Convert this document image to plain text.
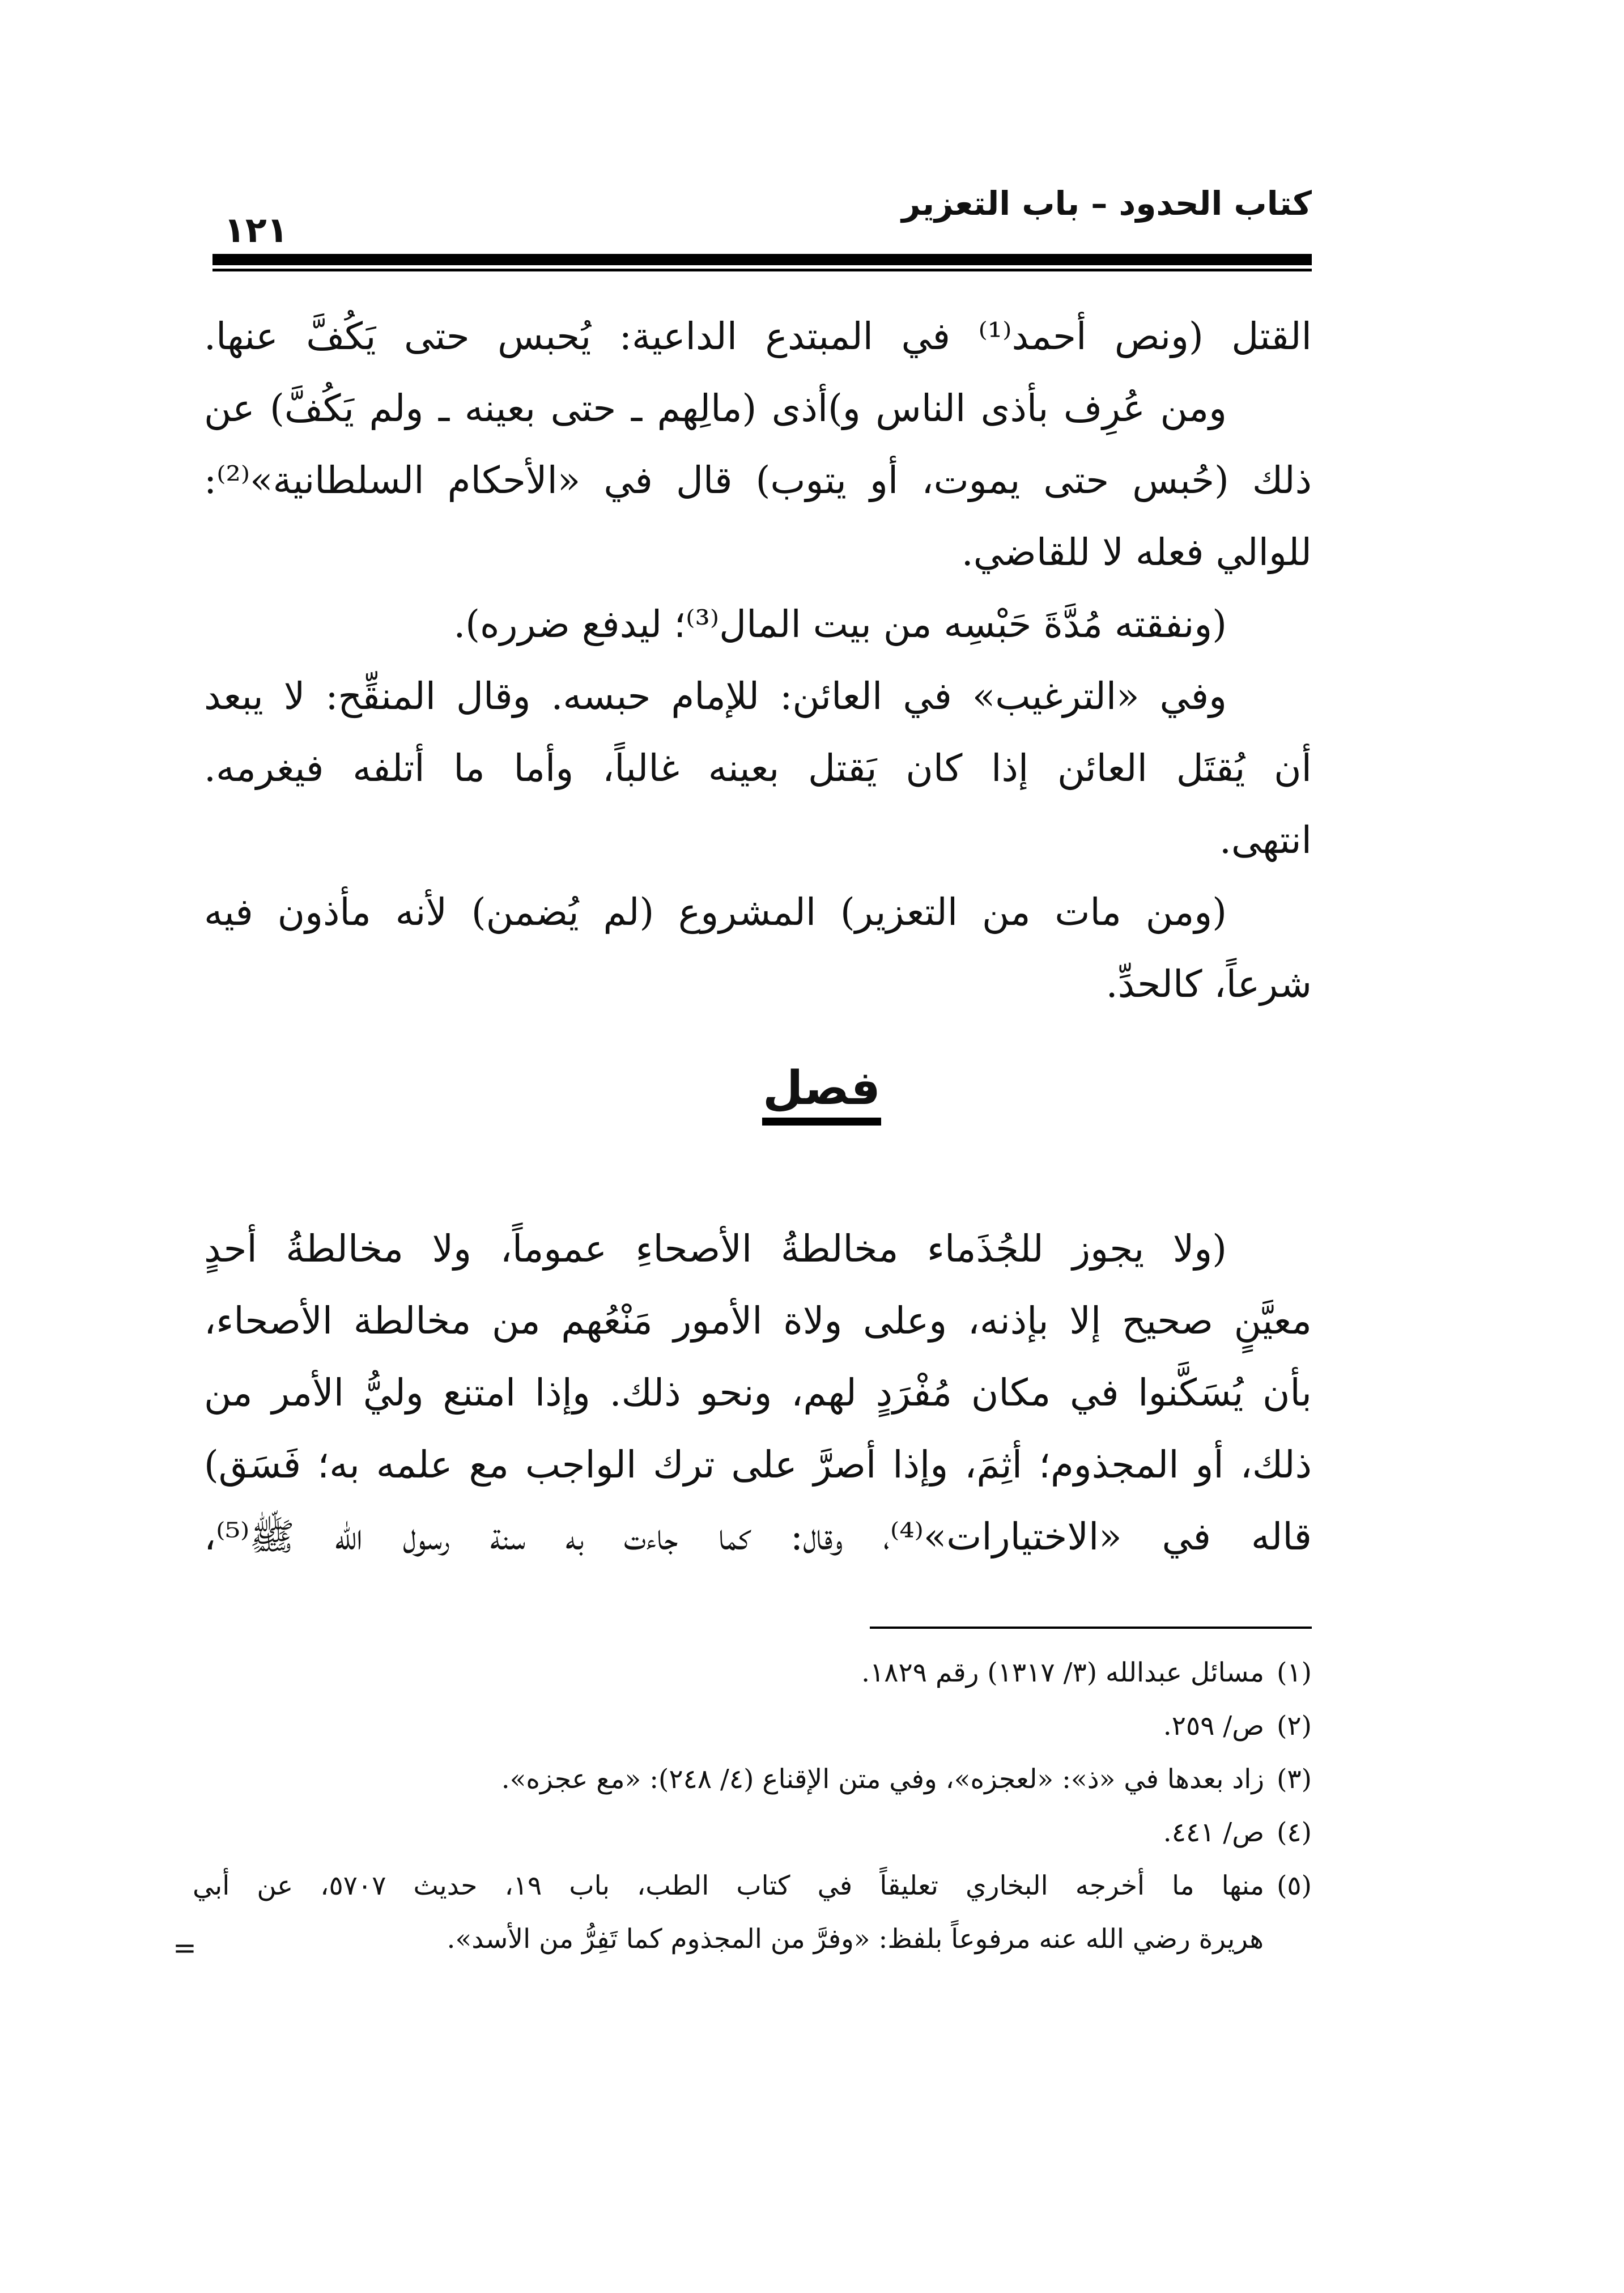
١٢١
كتاب الحدود – باب التعزير
القتل (ونص أحمد⁽¹⁾ في المبتدع الداعية: يُحبس حتى يَكُفَّ عنها.
ومن عُرِف بأذى الناس و)أذى (مالِهم ـ حتى بعينه ـ ولم يَكُفَّ) عن
ذلك (حُبس حتى يموت، أو يتوب) قال في «الأحكام السلطانية»⁽²⁾:
للوالي فعله لا للقاضي.
(ونفقته مُدَّةَ حَبْسِه من بيت المال⁽³⁾؛ ليدفع ضرره).
وفي «الترغيب» في العائن: للإمام حبسه. وقال المنقِّح: لا يبعد
أن يُقتَل العائن إذا كان يَقتل بعينه غالباً، وأما ما أتلفه فيغرمه.
انتهى.
(ومن مات من التعزير) المشروع (لم يُضمن) لأنه مأذون فيه
شرعاً، كالحدِّ.
فصل
(ولا يجوز للجُذَماء مخالطةُ الأصحاءِ عموماً، ولا مخالطةُ أحدٍ
معيَّنٍ صحيح إلا بإذنه، وعلى ولاة الأمور مَنْعُهم من مخالطة الأصحاء،
بأن يُسَكَّنوا في مكان مُفْرَدٍ لهم، ونحو ذلك. وإذا امتنع وليُّ الأمر من
ذلك، أو المجذوم؛ أثِمَ، وإذا أصرَّ على ترك الواجب مع علمه به؛ فَسَق)
قاله في «الاختيارات»⁽⁴⁾، وقال: كما جاءت به سنة رسول الله ﷺ⁽⁵⁾،
(١)مسائل عبدالله (٣/ ١٣١٧) رقم ١٨٢٩.
(٢)ص/ ٢٥٩.
(٣)زاد بعدها في «ذ»: «لعجزه»، وفي متن الإقناع (٤/ ٢٤٨): «مع عجزه».
(٤)ص/ ٤٤١.
(٥)منها ما أخرجه البخاري تعليقاً في كتاب الطب، باب ١٩، حديث ٥٧٠٧، عن أبي
هريرة رضي الله عنه مرفوعاً بلفظ: «وفرَّ من المجذوم كما تَفِرُّ من الأسد».
=
